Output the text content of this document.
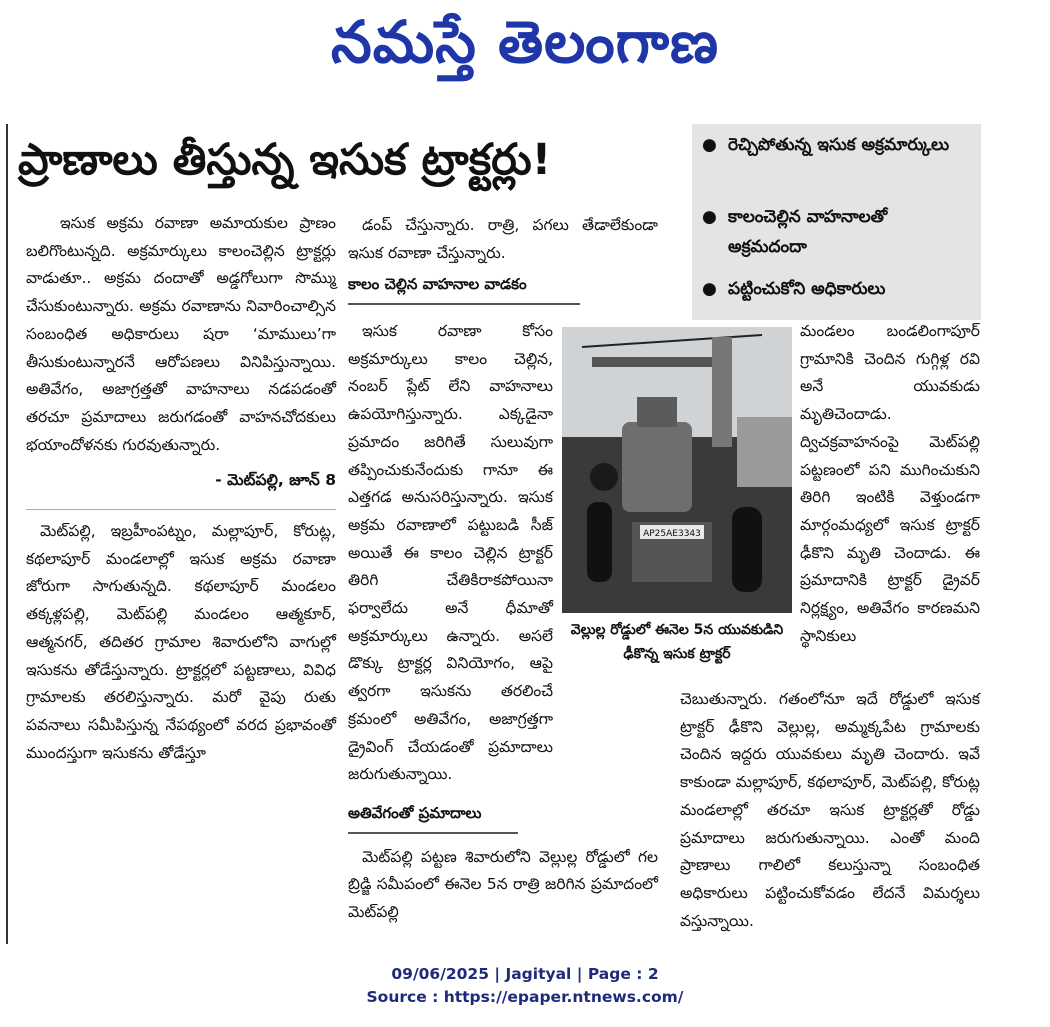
నమస్తే తెలంగాణ
ప్రాణాలు తీస్తున్న ఇసుక ట్రాక్టర్లు!	● రెచ్చిపోతున్న ఇసుక అక్రమార్కులు
● కాలంచెల్లిన వాహనాలతో అక్రమదందా
● పట్టించుకోని అధికారులు

ఇసుక అక్రమ రవాణా అమాయకుల ప్రాణం బలిగొంటున్నది. అక్రమార్కులు కాలంచెల్లిన ట్రాక్టర్లు వాడుతూ.. అక్రమ దందాతో అడ్డగోలుగా సొమ్ము చేసుకుంటున్నారు. అక్రమ రవాణాను నివారించాల్సిన సంబంధిత అధికారులు షరా ‘మాములు’గా తీసుకుంటున్నారనే ఆరోపణలు వినిపిస్తున్నాయి. అతివేగం, అజాగ్రత్తతో వాహనాలు నడపడంతో తరచూ ప్రమాదాలు జరుగడంతో వాహనచోదకులు భయాందోళనకు గురవుతున్నారు.

- మెట్‌పల్లి, జూన్ 8

మెట్‌పల్లి, ఇబ్రహీంపట్నం, మల్లాపూర్, కోరుట్ల, కథలాపూర్ మండలాల్లో ఇసుక అక్రమ రవాణా జోరుగా సాగుతున్నది. కథలాపూర్ మండలం తక్కళ్లపల్లి, మెట్‌పల్లి మండలం ఆత్మకూర్, ఆత్మనగర్, తదితర గ్రామాల శివారులోని వాగుల్లో ఇసుకను తోడేస్తున్నారు. ట్రాక్టర్లలో పట్టణాలు, వివిధ గ్రామాలకు తరలిస్తున్నారు. మరో వైపు రుతు పవనాలు సమీపిస్తున్న నేపథ్యంలో వరద ప్రభావంతో ముందస్తుగా ఇసుకను తోడేస్తూ

డంప్ చేస్తున్నారు. రాత్రి, పగలు తేడాలేకుండా ఇసుక రవాణా చేస్తున్నారు.

కాలం చెల్లిన వాహనాల వాడకం

ఇసుక రవాణా కోసం అక్రమార్కులు కాలం చెల్లిన, నంబర్ ప్లేట్ లేని వాహనాలు ఉపయోగిస్తున్నారు. ఎక్కడైనా ప్రమాదం జరిగితే సులువుగా తప్పించుకునేందుకు గానూ ఈ ఎత్తగడ అనుసరిస్తున్నారు. ఇసుక అక్రమ రవాణాలో పట్టుబడి సీజ్ అయితే ఈ కాలం చెల్లిన ట్రాక్టర్ తిరిగి చేతికిరాకపోయినా ఫర్వాలేదు అనే ధీమాతో అక్రమార్కులు ఉన్నారు. అసలే డొక్కు ట్రాక్టర్ల వినియోగం, ఆపై త్వరగా ఇసుకను తరలించే క్రమంలో అతివేగం, అజాగ్రత్తగా డ్రైవింగ్ చేయడంతో ప్రమాదాలు జరుగుతున్నాయి.

అతివేగంతో ప్రమాదాలు

మెట్‌పల్లి పట్టణ శివారులోని వెల్లుల్ల రోడ్డులో గల బ్రిడ్జి సమీపంలో ఈనెల 5న రాత్రి జరిగిన ప్రమాదంలో మెట్‌పల్లి

AP25AE3343
వెల్లుల్ల రోడ్డులో ఈనెల 5న యువకుడిని ఢీకొన్న ఇసుక ట్రాక్టర్

మండలం బండలింగాపూర్ గ్రామానికి చెందిన గుగ్గిళ్ల రవి అనే యువకుడు మృతిచెందాడు. ద్విచక్రవాహనంపై మెట్‌పల్లి పట్టణంలో పని ముగించుకుని తిరిగి ఇంటికి వెళ్తుండగా మార్గంమధ్యలో ఇసుక ట్రాక్టర్ ఢీకొని మృతి చెందాడు. ఈ ప్రమాదానికి ట్రాక్టర్ డ్రైవర్ నిర్లక్ష్యం, అతివేగం కారణమని స్థానికులు

చెబుతున్నారు. గతంలోనూ ఇదే రోడ్డులో ఇసుక ట్రాక్టర్ ఢీకొని వెల్లుల్ల, అమ్మక్కపేట గ్రామాలకు చెందిన ఇద్దరు యువకులు మృతి చెందారు. ఇవే కాకుండా మల్లాపూర్, కథలాపూర్, మెట్‌పల్లి, కోరుట్ల మండలాల్లో తరచూ ఇసుక ట్రాక్టర్లతో రోడ్డు ప్రమాదాలు జరుగుతున్నాయి. ఎంతో మంది ప్రాణాలు గాలిలో కలుస్తున్నా సంబంధిత అధికారులు పట్టించుకోవడం లేదనే విమర్శలు వస్తున్నాయి.

09/06/2025 | Jagityal | Page : 2
Source : https://epaper.ntnews.com/
